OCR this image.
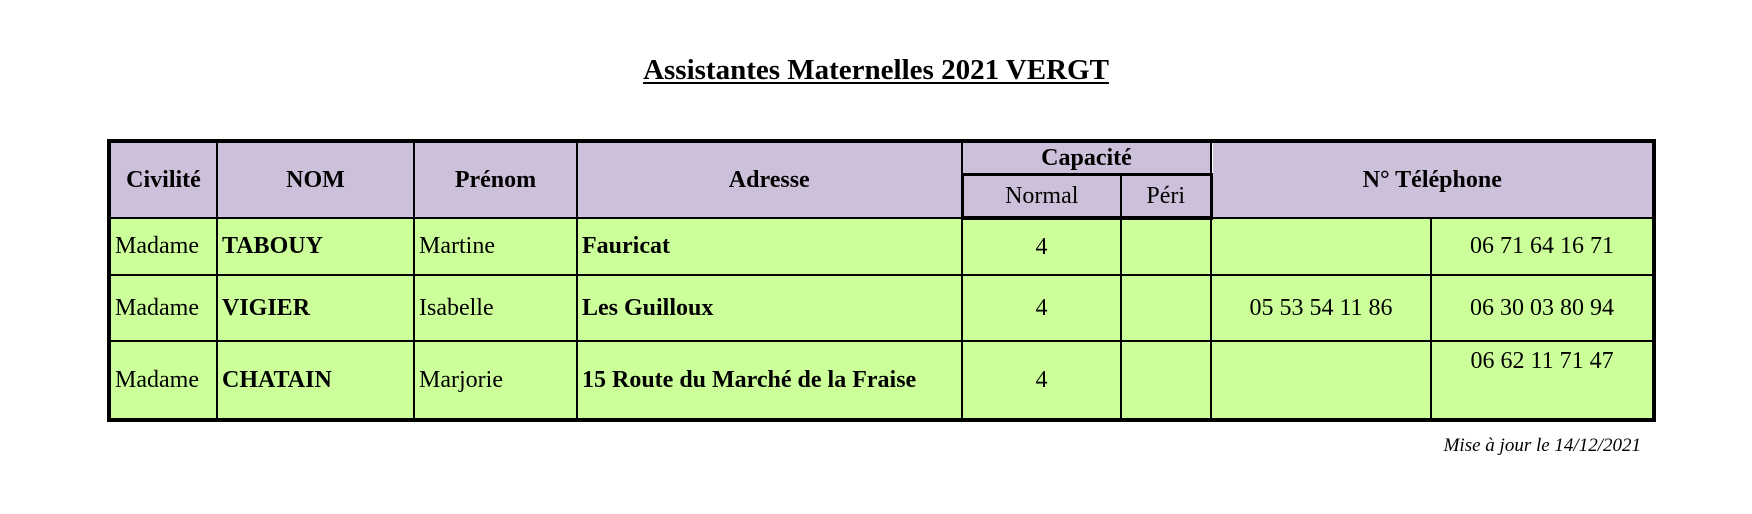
Assistantes Maternelles 2021 VERGT
Civilité	NOM	Prénom	Adresse	Capacité		N° Téléphone	
				Normal	Péri		
Madame	TABOUY	Martine	Fauricat	4			06 71 64 16 71
Madame	VIGIER	Isabelle	Les Guilloux	4		05 53 54 11 86	06 30 03 80 94
Madame	CHATAIN	Marjorie	15 Route du Marché de la Fraise	4			06 62 11 71 47
Mise à jour le 14/12/2021
